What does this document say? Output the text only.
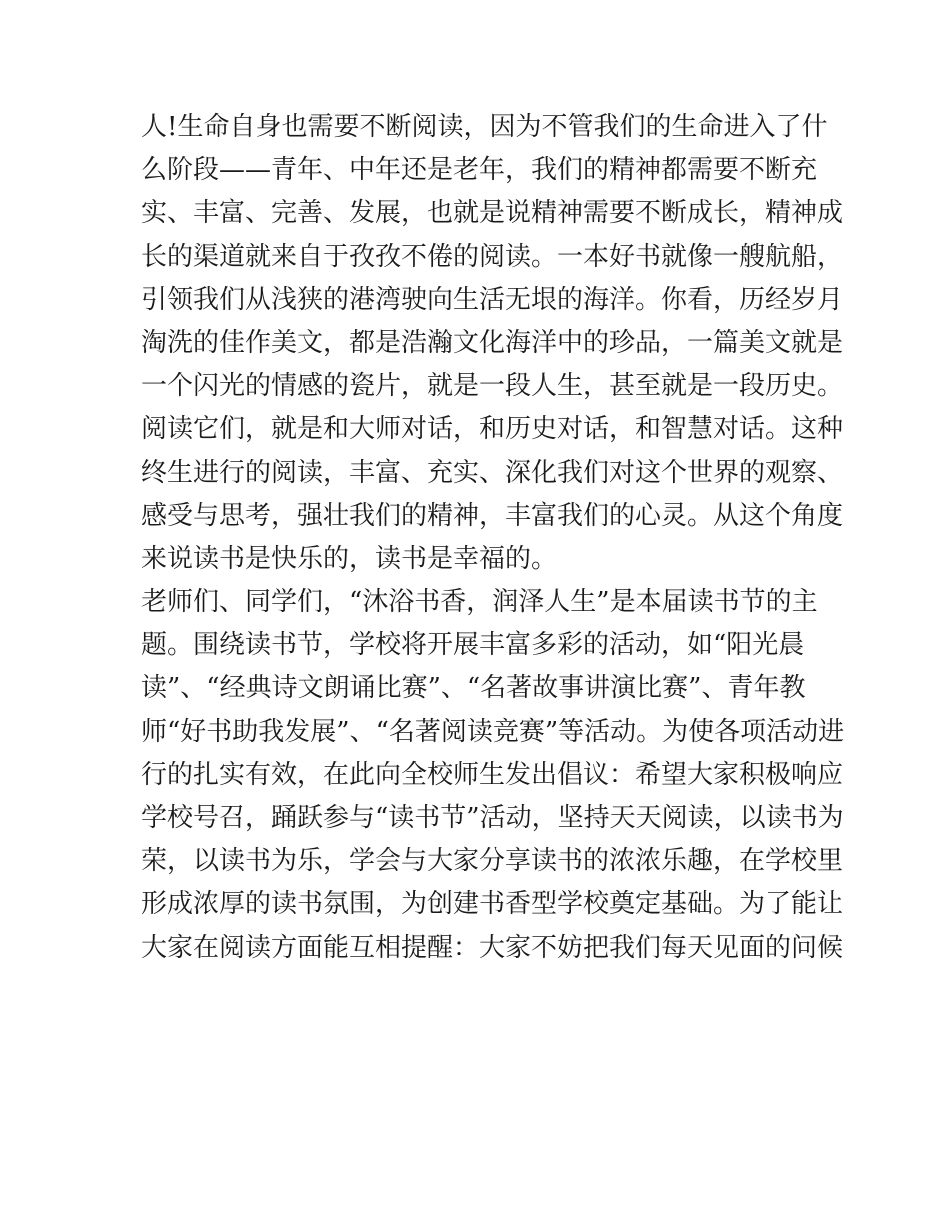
人!生命自身也需要不断阅读，因为不管我们的生命进入了什
么阶段——青年、中年还是老年，我们的精神都需要不断充
实、丰富、完善、发展，也就是说精神需要不断成长，精神成
长的渠道就来自于孜孜不倦的阅读。一本好书就像一艘航船，
引领我们从浅狭的港湾驶向生活无垠的海洋。你看，历经岁月
淘洗的佳作美文，都是浩瀚文化海洋中的珍品，一篇美文就是
一个闪光的情感的瓷片，就是一段人生，甚至就是一段历史。
阅读它们，就是和大师对话，和历史对话，和智慧对话。这种
终生进行的阅读，丰富、充实、深化我们对这个世界的观察、
感受与思考，强壮我们的精神，丰富我们的心灵。从这个角度
来说读书是快乐的，读书是幸福的。
老师们、同学们，“沐浴书香，润泽人生”是本届读书节的主
题。围绕读书节，学校将开展丰富多彩的活动，如“阳光晨
读”、“经典诗文朗诵比赛”、“名著故事讲演比赛”、青年教
师“好书助我发展”、“名著阅读竞赛”等活动。为使各项活动进
行的扎实有效，在此向全校师生发出倡议：希望大家积极响应
学校号召，踊跃参与“读书节”活动，坚持天天阅读，以读书为
荣，以读书为乐，学会与大家分享读书的浓浓乐趣，在学校里
形成浓厚的读书氛围，为创建书香型学校奠定基础。为了能让
大家在阅读方面能互相提醒：大家不妨把我们每天见面的问候
